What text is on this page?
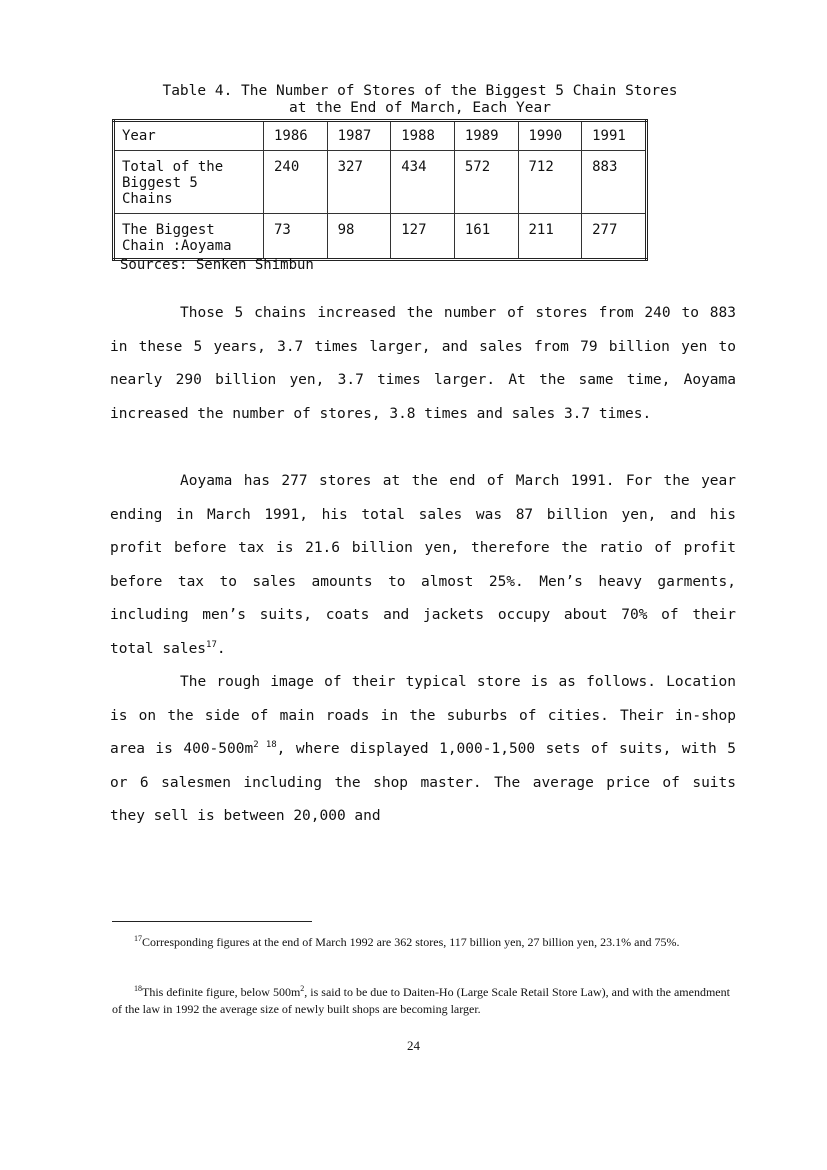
Table 4. The Number of Stores of the Biggest 5 Chain Stores
at the End of March, Each Year
Year	1986	1987	1988	1989	1990	1991

Total of the
Biggest 5
Chains	240	327	434	572	712	883

The Biggest
Chain :Aoyama	73	98	127	161	211	277
Sources: Senken Shimbun

Those 5 chains increased the number of stores from 240 to 883 in these 5 years, 3.7 times larger, and sales from 79 billion yen to nearly 290 billion yen, 3.7 times larger. At the same time, Aoyama increased the number of stores, 3.8 times and sales 3.7 times.

Aoyama has 277 stores at the end of March 1991. For the year ending in March 1991, his total sales was 87 billion yen, and his profit before tax is 21.6 billion yen, therefore the ratio of profit before tax to sales amounts to almost 25%. Men’s heavy garments, including men’s suits, coats and jackets occupy about 70% of their total sales$^{17}$.

The rough image of their typical store is as follows. Location is on the side of main roads in the suburbs of cities. Their in-shop area is 400-500m$^{2 18}$, where displayed 1,000-1,500 sets of suits, with 5 or 6 salesmen including the shop master. The average price of suits they sell is between 20,000 and

$^{17}$Corresponding figures at the end of March 1992 are 362 stores, 117 billion yen, 27 billion yen, 23.1% and 75%.
$^{18}$This definite figure, below $500m^2$, is said to be due to Daiten-Ho (Large Scale Retail Store Law), and with the amendment of the law in 1992 the average size of newly built shops are becoming larger.
24
